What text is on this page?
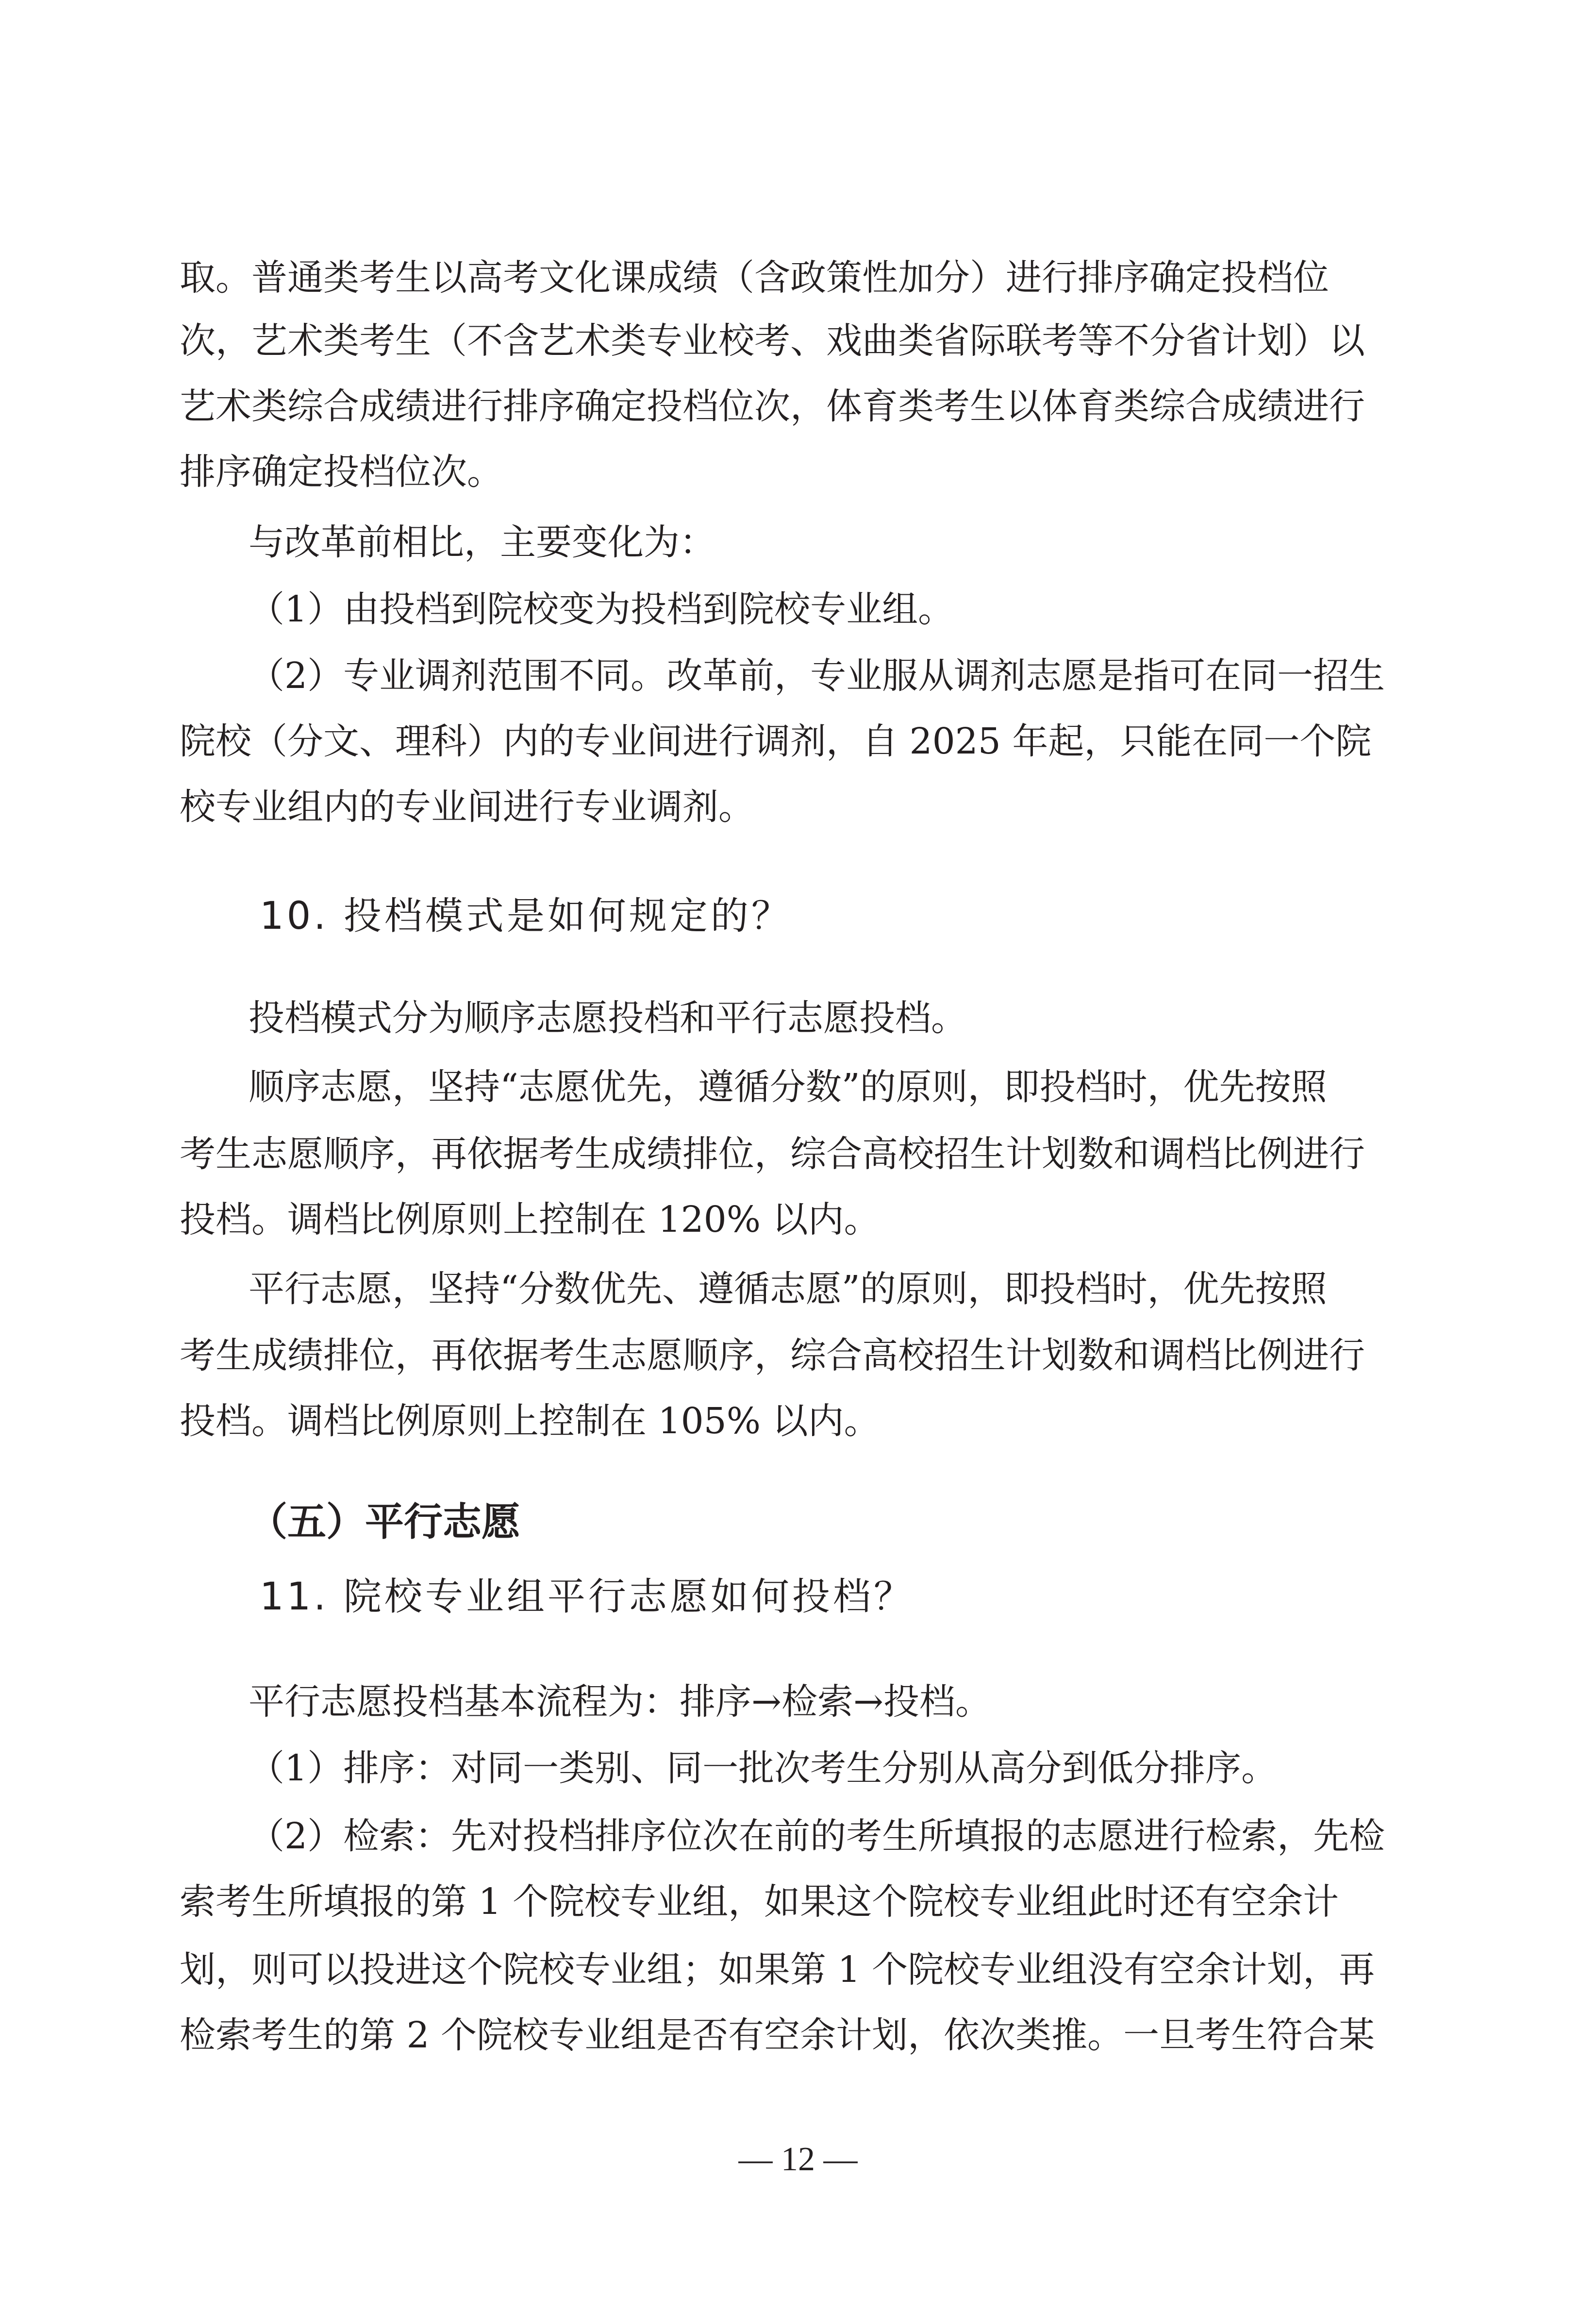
取。普通类考生以高考文化课成绩（含政策性加分）进行排序确定投档位

次，艺术类考生（不含艺术类专业校考、戏曲类省际联考等不分省计划）以

艺术类综合成绩进行排序确定投档位次，体育类考生以体育类综合成绩进行

排序确定投档位次。

与改革前相比，主要变化为：

（1）由投档到院校变为投档到院校专业组。

（2）专业调剂范围不同。改革前，专业服从调剂志愿是指可在同一招生

院校（分文、理科）内的专业间进行调剂，自 2025 年起，只能在同一个院

校专业组内的专业间进行专业调剂。

10. 投档模式是如何规定的？

投档模式分为顺序志愿投档和平行志愿投档。

顺序志愿，坚持“志愿优先，遵循分数”的原则，即投档时，优先按照

考生志愿顺序，再依据考生成绩排位，综合高校招生计划数和调档比例进行

投档。调档比例原则上控制在 120% 以内。

平行志愿，坚持“分数优先、遵循志愿”的原则，即投档时，优先按照

考生成绩排位，再依据考生志愿顺序，综合高校招生计划数和调档比例进行

投档。调档比例原则上控制在 105% 以内。

（五）平行志愿

11. 院校专业组平行志愿如何投档？

平行志愿投档基本流程为：排序→检索→投档。

（1）排序：对同一类别、同一批次考生分别从高分到低分排序。

（2）检索：先对投档排序位次在前的考生所填报的志愿进行检索，先检

索考生所填报的第 1 个院校专业组，如果这个院校专业组此时还有空余计

划，则可以投进这个院校专业组；如果第 1 个院校专业组没有空余计划，再

检索考生的第 2 个院校专业组是否有空余计划，依次类推。一旦考生符合某

— 12 —
